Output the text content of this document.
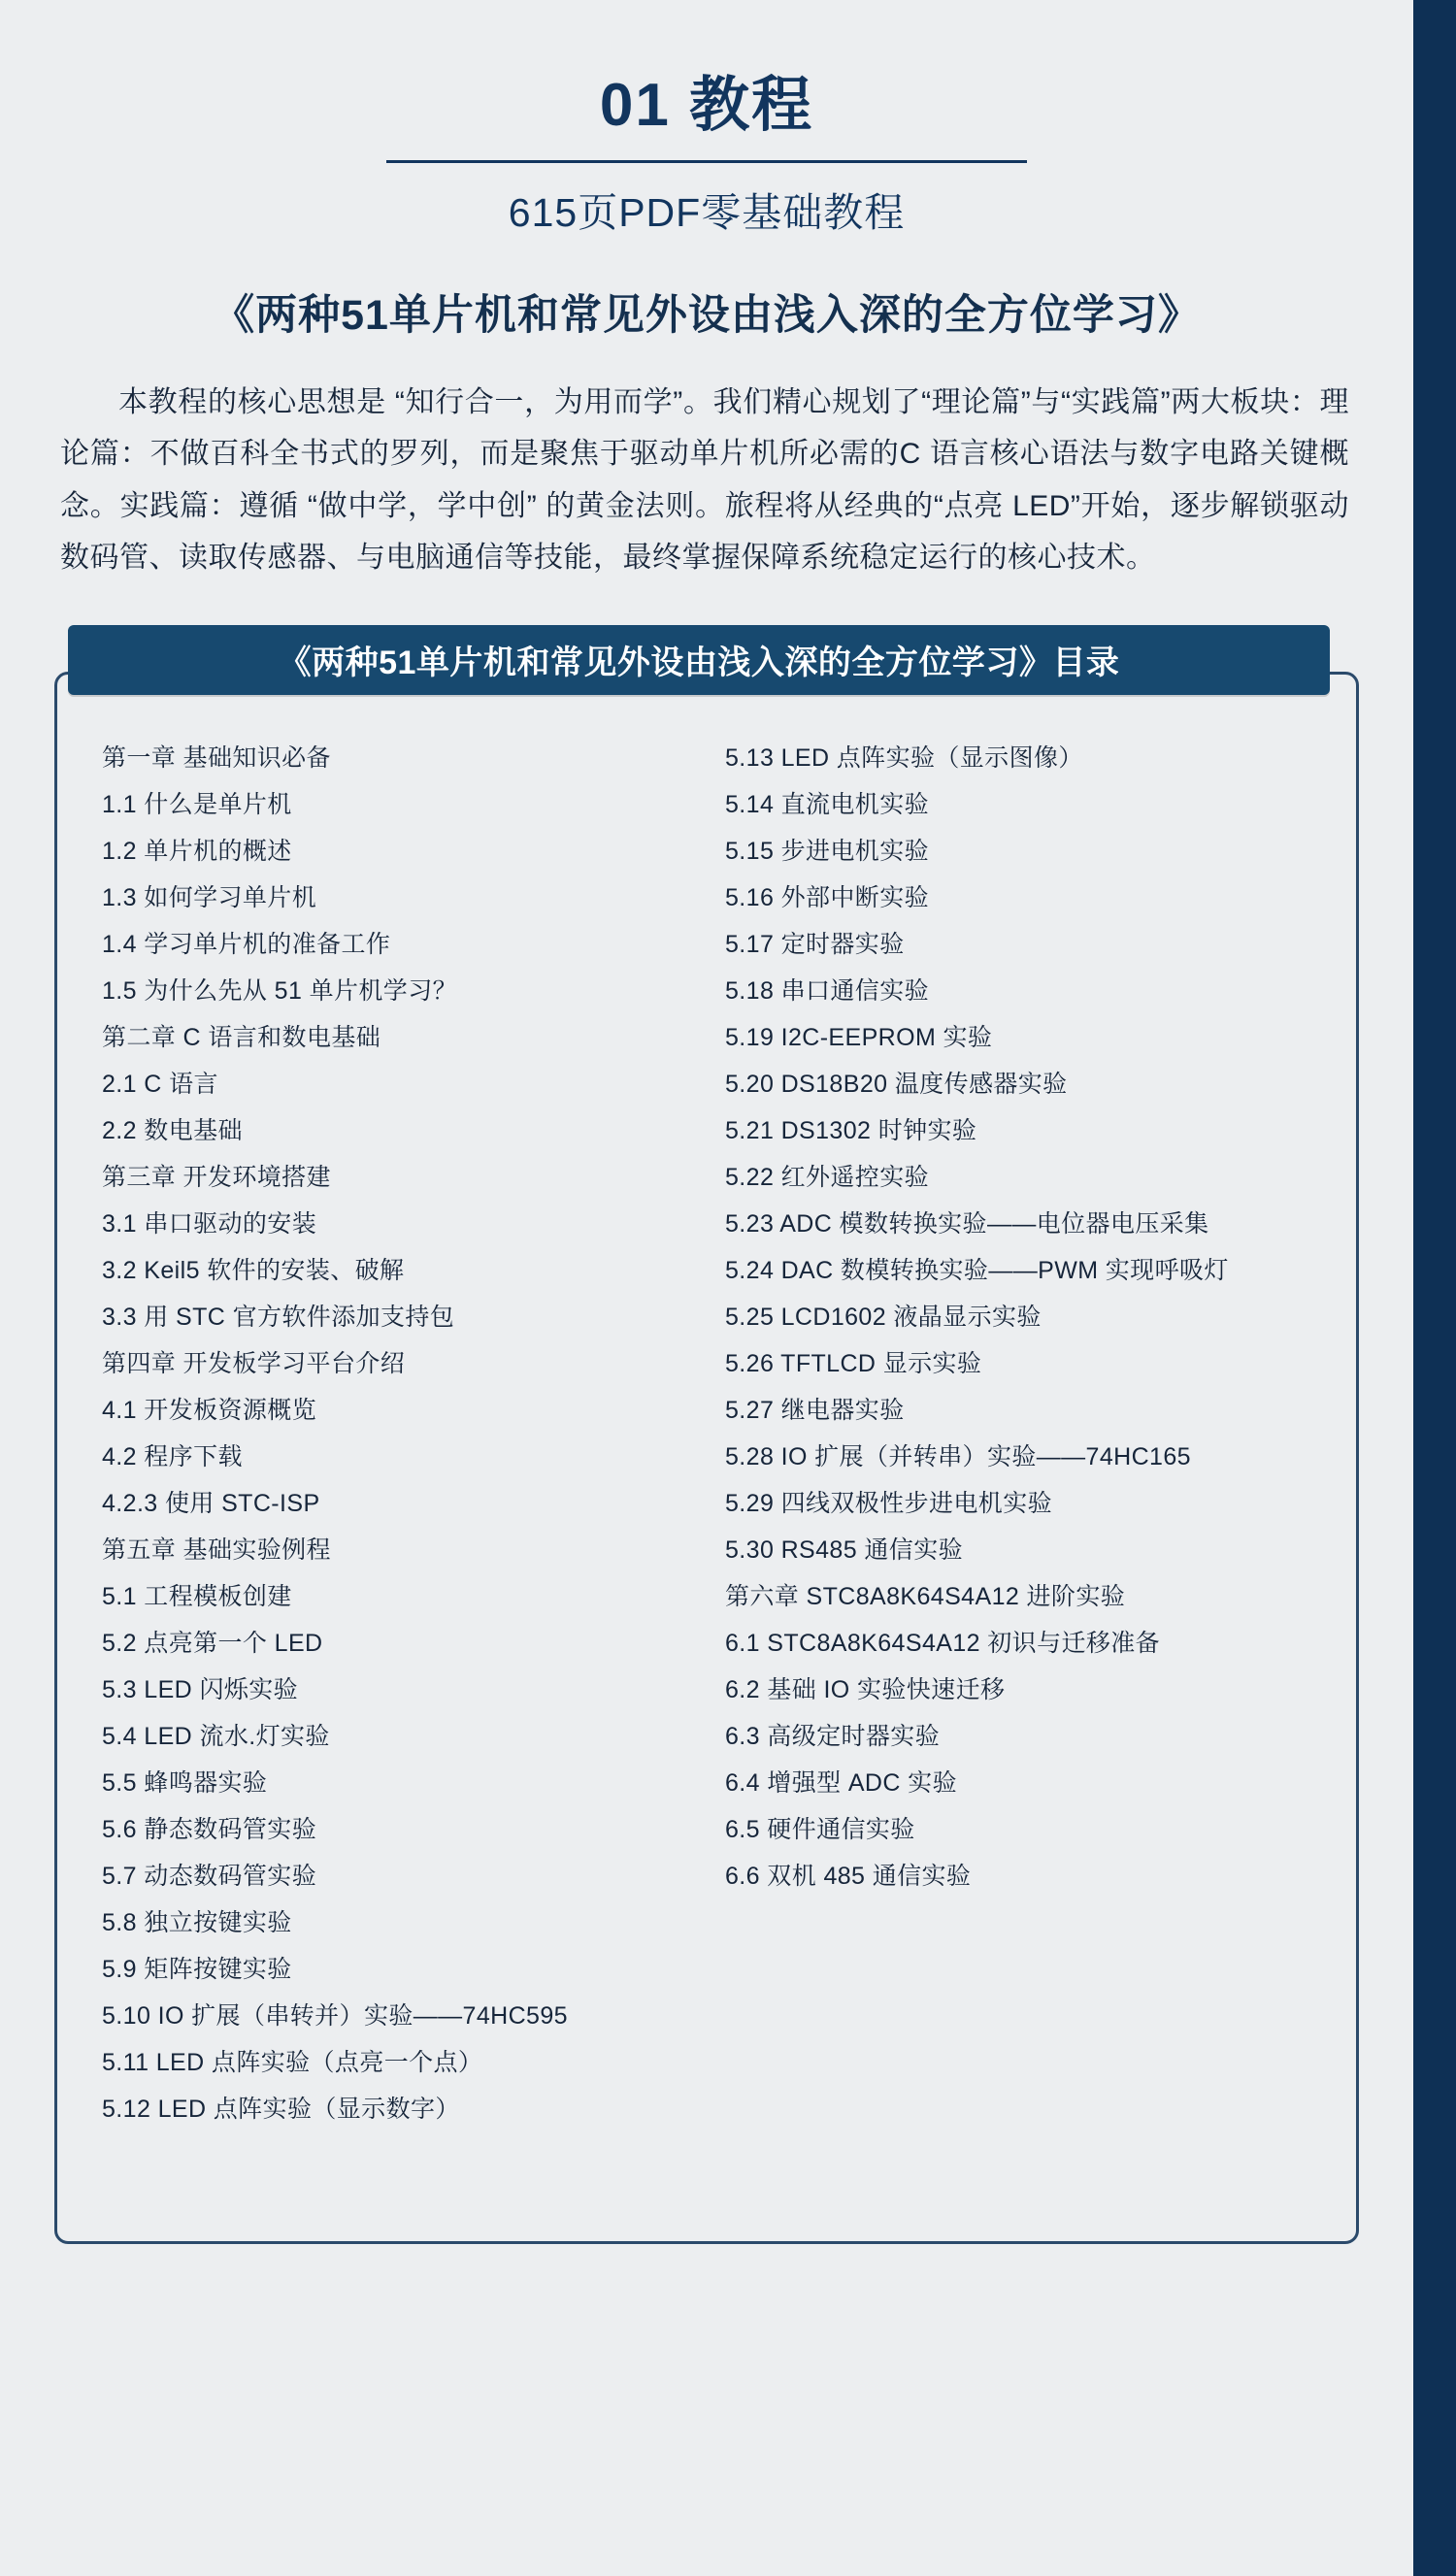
01 教程
615页PDF零基础教程
《两种51单片机和常见外设由浅入深的全方位学习》
本教程的核心思想是 “知行合一，为用而学”。我们精心规划了“理论篇”与“实践篇”两大板块：理论篇：不做百科全书式的罗列，而是聚焦于驱动单片机所必需的C 语言核心语法与数字电路关键概念。实践篇：遵循 “做中学，学中创” 的黄金法则。旅程将从经典的“点亮 LED”开始，逐步解锁驱动数码管、读取传感器、与电脑通信等技能，最终掌握保障系统稳定运行的核心技术。
《两种51单片机和常见外设由浅入深的全方位学习》目录
第一章 基础知识必备
1.1 什么是单片机
1.2 单片机的概述
1.3 如何学习单片机
1.4 学习单片机的准备工作
1.5 为什么先从 51 单片机学习？
第二章 C 语言和数电基础
2.1 C 语言
2.2 数电基础
第三章 开发环境搭建
3.1 串口驱动的安装
3.2 Keil5 软件的安装、破解
3.3 用 STC 官方软件添加支持包
第四章 开发板学习平台介绍
4.1 开发板资源概览
4.2 程序下载
4.2.3 使用 STC-ISP
第五章 基础实验例程
5.1 工程模板创建
5.2 点亮第一个 LED
5.3 LED 闪烁实验
5.4 LED 流水.灯实验
5.5 蜂鸣器实验
5.6 静态数码管实验
5.7 动态数码管实验
5.8 独立按键实验
5.9 矩阵按键实验
5.10 IO 扩展（串转并）实验——74HC595
5.11 LED 点阵实验（点亮一个点）
5.12 LED 点阵实验（显示数字）
5.13 LED 点阵实验（显示图像）
5.14 直流电机实验
5.15 步进电机实验
5.16 外部中断实验
5.17 定时器实验
5.18 串口通信实验
5.19 I2C-EEPROM 实验
5.20 DS18B20 温度传感器实验
5.21 DS1302 时钟实验
5.22 红外遥控实验
5.23 ADC 模数转换实验——电位器电压采集
5.24 DAC 数模转换实验——PWM 实现呼吸灯
5.25 LCD1602 液晶显示实验
5.26 TFTLCD 显示实验
5.27 继电器实验
5.28 IO 扩展（并转串）实验——74HC165
5.29 四线双极性步进电机实验
5.30 RS485 通信实验
第六章 STC8A8K64S4A12 进阶实验
6.1 STC8A8K64S4A12 初识与迁移准备
6.2 基础 IO 实验快速迁移
6.3 高级定时器实验
6.4 增强型 ADC 实验
6.5 硬件通信实验
6.6 双机 485 通信实验
